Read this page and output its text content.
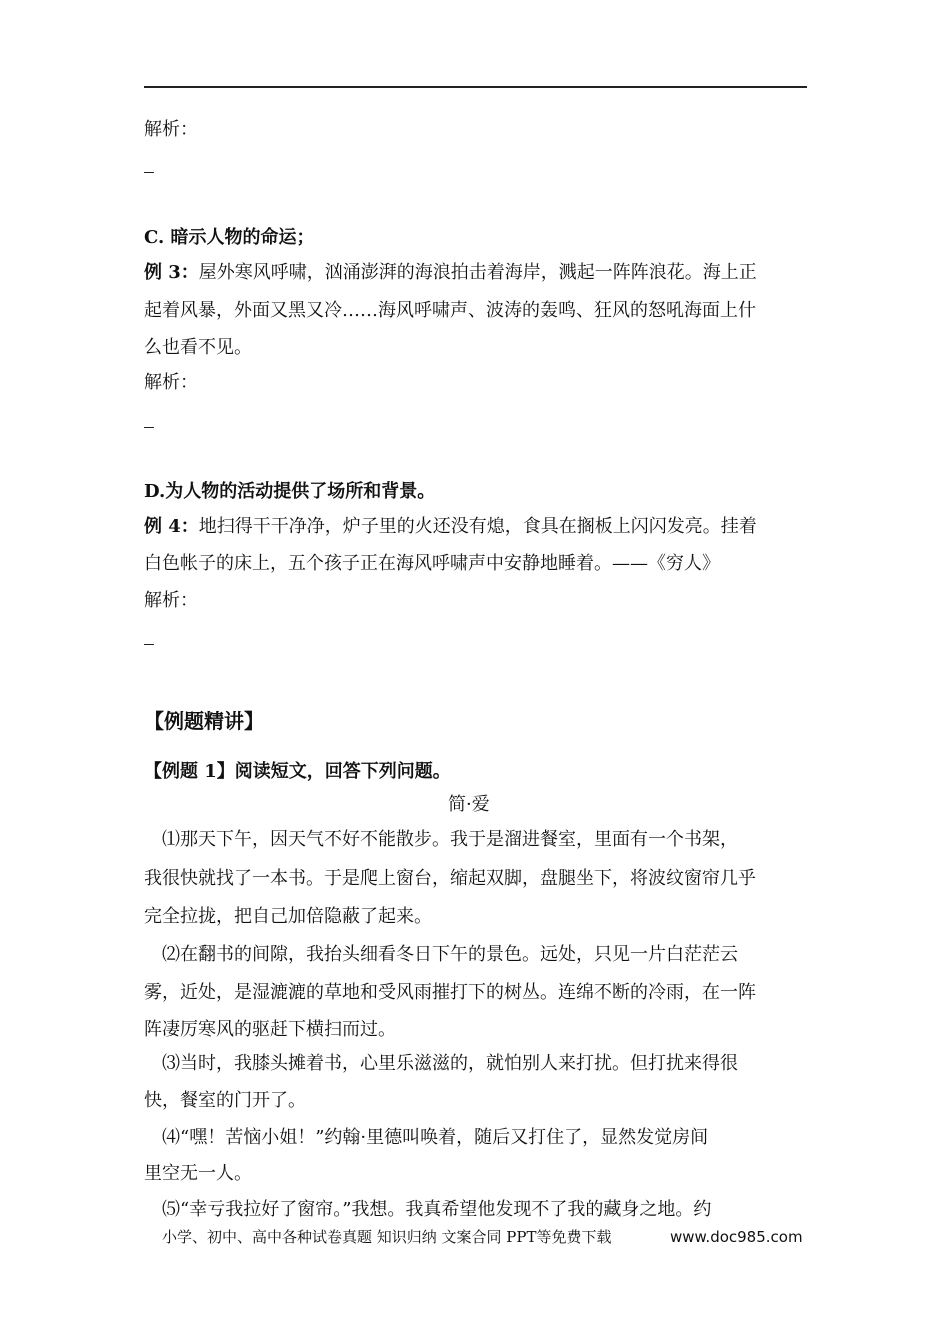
解析：
C. 暗示人物的命运；
例 3：屋外寒风呼啸，汹涌澎湃的海浪拍击着海岸，溅起一阵阵浪花。海上正
起着风暴，外面又黑又冷……海风呼啸声、波涛的轰鸣、狂风的怒吼海面上什
么也看不见。
解析：
D.为人物的活动提供了场所和背景。
例 4：地扫得干干净净，炉子里的火还没有熄，食具在搁板上闪闪发亮。挂着
白色帐子的床上，五个孩子正在海风呼啸声中安静地睡着。——《穷人》
解析：
【例题精讲】
【例题 1】阅读短文，回答下列问题。
简·爱
⑴那天下午，因天气不好不能散步。我于是溜进餐室，里面有一个书架，
我很快就找了一本书。于是爬上窗台，缩起双脚，盘腿坐下，将波纹窗帘几乎
完全拉拢，把自己加倍隐蔽了起来。
⑵在翻书的间隙，我抬头细看冬日下午的景色。远处，只见一片白茫茫云
雾，近处，是湿漉漉的草地和受风雨摧打下的树丛。连绵不断的冷雨，在一阵
阵凄厉寒风的驱赶下横扫而过。
⑶当时，我膝头摊着书，心里乐滋滋的，就怕别人来打扰。但打扰来得很
快，餐室的门开了。
⑷“嘿！苦恼小姐！”约翰·里德叫唤着，随后又打住了，显然发觉房间
里空无一人。
⑸“幸亏我拉好了窗帘。”我想。我真希望他发现不了我的藏身之地。约
小学、初中、高中各种试卷真题 知识归纳 文案合同 PPT等免费下载	www.doc985.com
